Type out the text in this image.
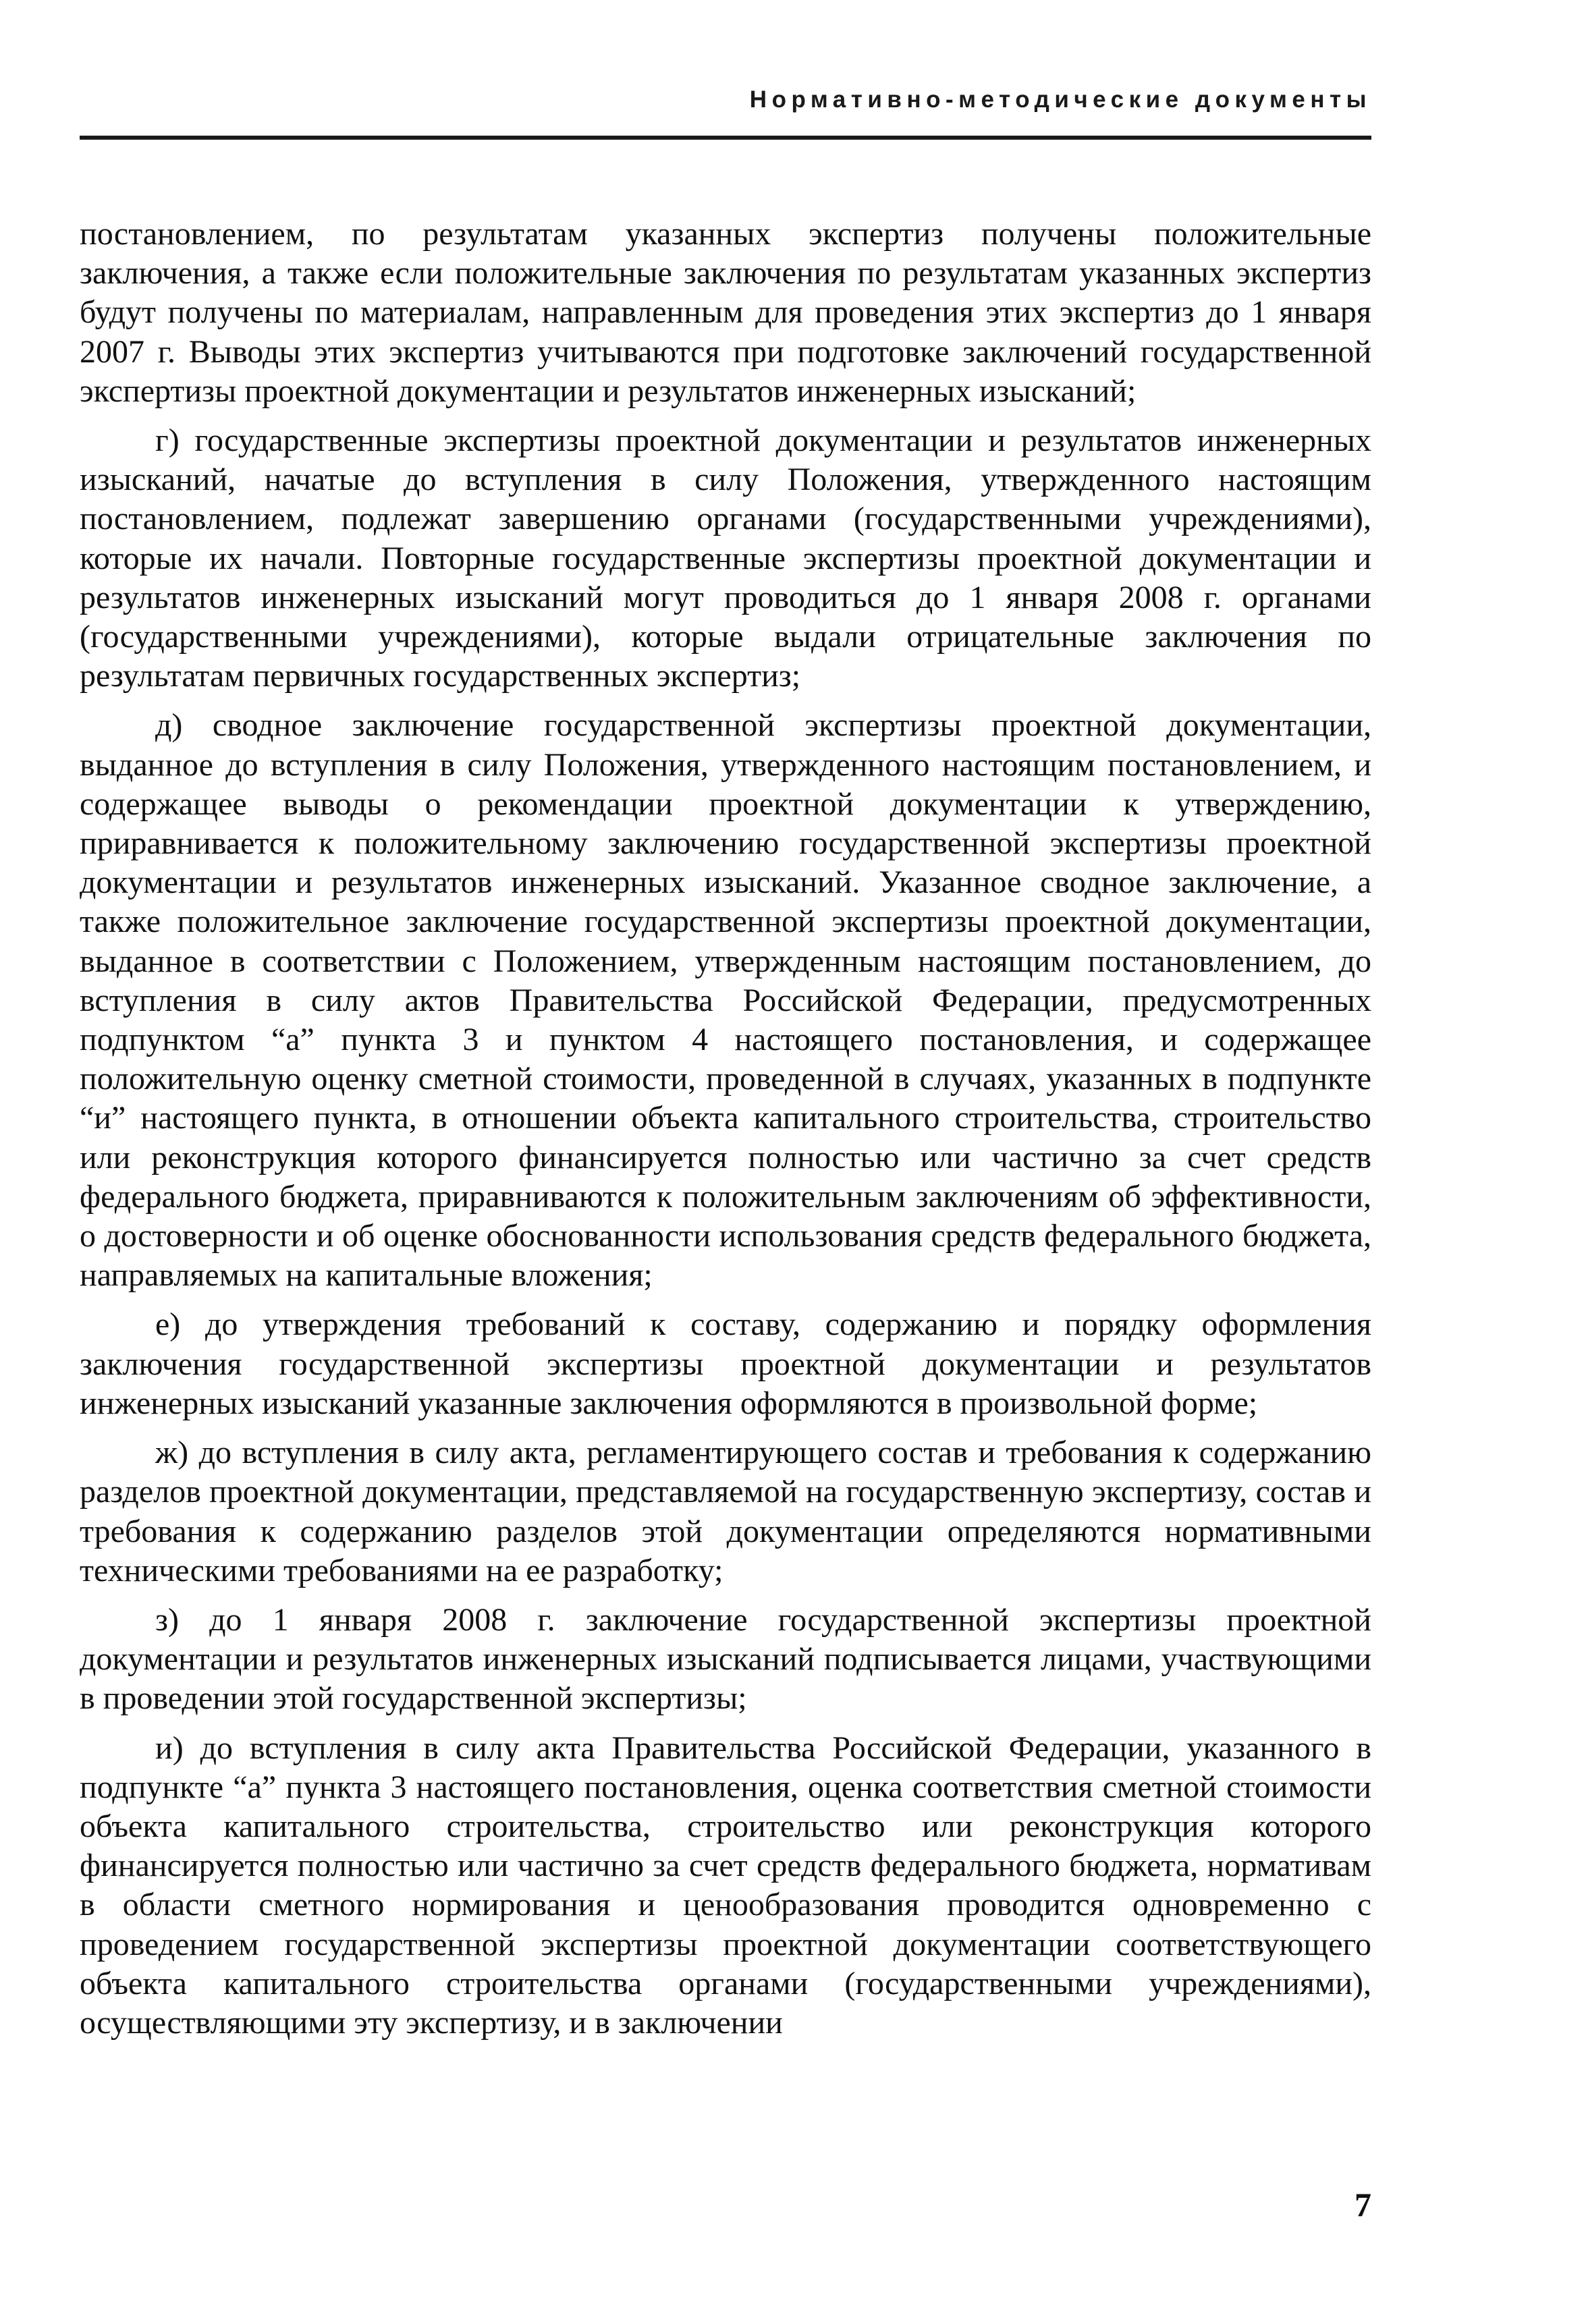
Нормативно-методические документы

постановлением, по результатам указанных экспертиз получены положительные заключения, а также если положительные заключения по результатам указанных экспертиз будут получены по материалам, направленным для проведения этих экспертиз до 1 января 2007 г. Выводы этих экспертиз учитываются при подготовке заключений государственной экспертизы проектной документации и результатов инженерных изысканий;

г) государственные экспертизы проектной документации и результатов инженерных изысканий, начатые до вступления в силу Положения, утвержденного настоящим постановлением, подлежат завершению органами (государственными учреждениями), которые их начали. Повторные государственные экспертизы проектной документации и результатов инженерных изысканий могут проводиться до 1 января 2008 г. органами (государственными учреждениями), которые выдали отрицательные заключения по результатам первичных государственных экспертиз;

д) сводное заключение государственной экспертизы проектной документации, выданное до вступления в силу Положения, утвержденного настоящим постановлением, и содержащее выводы о рекомендации проектной документации к утверждению, приравнивается к положительному заключению государственной экспертизы проектной документации и результатов инженерных изысканий. Указанное сводное заключение, а также положительное заключение государственной экспертизы проектной документации, выданное в соответствии с Положением, утвержденным настоящим постановлением, до вступления в силу актов Правительства Российской Федерации, предусмотренных подпунктом “а” пункта 3 и пунктом 4 настоящего постановления, и содержащее положительную оценку сметной стоимости, проведенной в случаях, указанных в подпункте “и” настоящего пункта, в отношении объекта капитального строительства, строительство или реконструкция которого финансируется полностью или частично за счет средств федерального бюджета, приравниваются к положительным заключениям об эффективности, о достоверности и об оценке обоснованности использования средств федерального бюджета, направляемых на капитальные вложения;

е) до утверждения требований к составу, содержанию и порядку оформления заключения государственной экспертизы проектной документации и результатов инженерных изысканий указанные заключения оформляются в произвольной форме;

ж) до вступления в силу акта, регламентирующего состав и требования к содержанию разделов проектной документации, представляемой на государственную экспертизу, состав и требования к содержанию разделов этой документации определяются нормативными техническими требованиями на ее разработку;

з) до 1 января 2008 г. заключение государственной экспертизы проектной документации и результатов инженерных изысканий подписывается лицами, участвующими в проведении этой государственной экспертизы;

и) до вступления в силу акта Правительства Российской Федерации, указанного в подпункте “а” пункта 3 настоящего постановления, оценка соответствия сметной стоимости объекта капитального строительства, строительство или реконструкция которого финансируется полностью или частично за счет средств федерального бюджета, нормативам в области сметного нормирования и ценообразования проводится одновременно с проведением государственной экспертизы проектной документации соответствующего объекта капитального строительства органами (государственными учреждениями), осуществляющими эту экспертизу, и в заключении

7
